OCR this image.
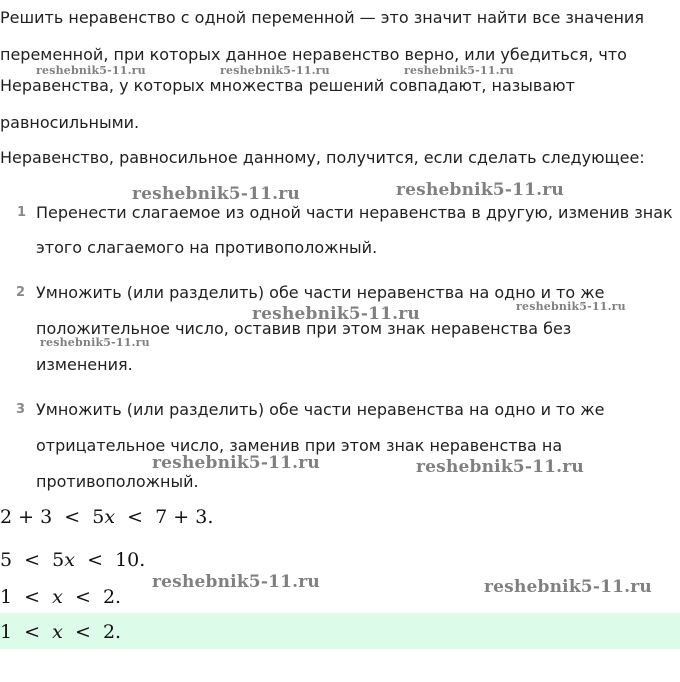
Решить неравенство с одной переменной — это значит найти все значения
переменной, при которых данное неравенство верно, или убедиться, что
Неравенства, у которых множества решений совпадают, называют
равносильными.
Неравенство, равносильное данному, получится, если сделать следующее:
1 Перенести слагаемое из одной части неравенства в другую, изменив знак
этого слагаемого на противоположный.
2 Умножить (или разделить) обе части неравенства на одно и то же
положительное число, оставив при этом знак неравенства без
изменения.
3 Умножить (или разделить) обе части неравенства на одно и то же
отрицательное число, заменив при этом знак неравенства на
противоположный.
2 + 3  <  5x  <  7 + 3.
5  <  5x  <  10.
1  <  x  <  2.
1  <  x  <  2.
reshebnik5-11.ru	reshebnik5-11.ru	reshebnik5-11.ru
reshebnik5-11.ru	reshebnik5-11.ru
reshebnik5-11.ru	reshebnik5-11.ru
reshebnik5-11.ru
reshebnik5-11.ru	reshebnik5-11.ru
reshebnik5-11.ru	reshebnik5-11.ru
